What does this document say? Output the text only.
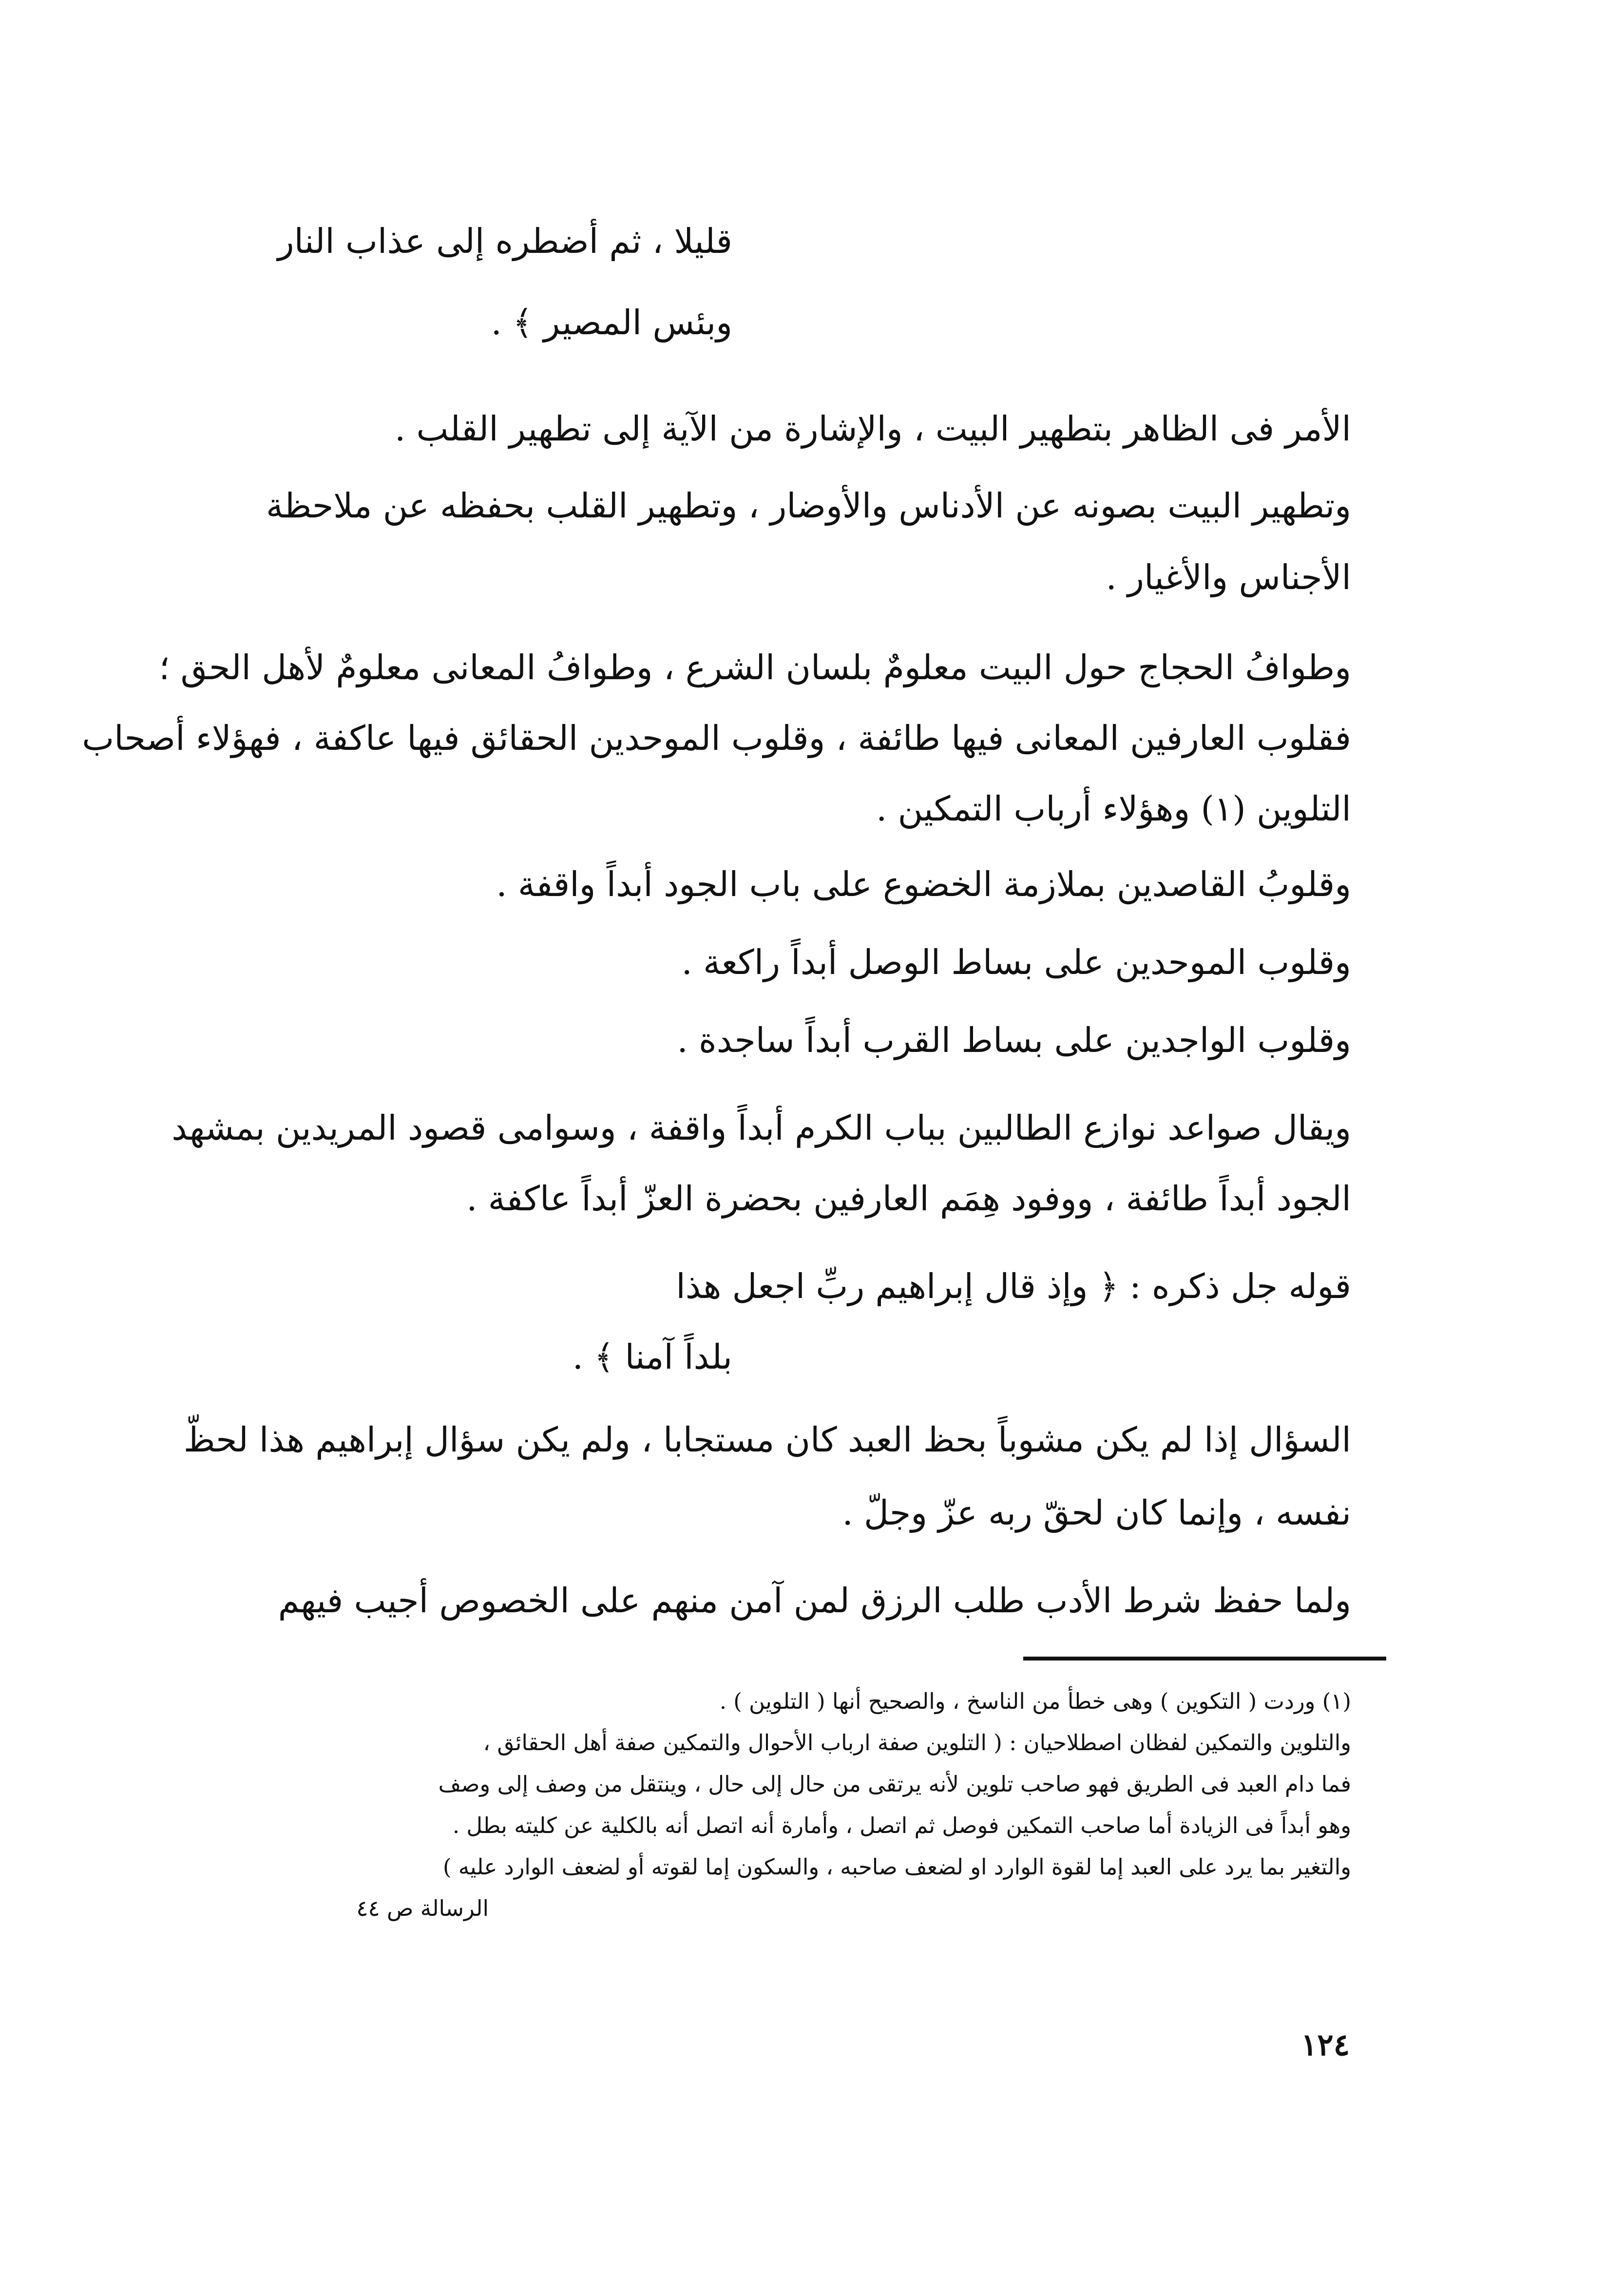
قليلا ، ثم أضطره إلى عذاب النار
وبئس المصير ﴾ .
الأمر فى الظاهر بتطهير البيت ، والإشارة من الآية إلى تطهير القلب .
وتطهير البيت بصونه عن الأدناس والأوضار ، وتطهير القلب بحفظه عن ملاحظة
الأجناس والأغيار .
وطوافُ الحجاج حول البيت معلومٌ بلسان الشرع ، وطوافُ المعانى معلومٌ لأهل الحق ؛
فقلوب العارفين المعانى فيها طائفة ، وقلوب الموحدين الحقائق فيها عاكفة ، فهؤلاء أصحاب
التلوين (١) وهؤلاء أرباب التمكين .
وقلوبُ القاصدين بملازمة الخضوع على باب الجود أبداً واقفة .
وقلوب الموحدين على بساط الوصل أبداً راكعة .
وقلوب الواجدين على بساط القرب أبداً ساجدة .
ويقال صواعد نوازع الطالبين بباب الكرم أبداً واقفة ، وسوامى قصود المريدين بمشهد
الجود أبداً طائفة ، ووفود هِمَم العارفين بحضرة العزّ أبداً عاكفة .
قوله جل ذكره : ﴿ وإذ قال إبراهيم ربِّ اجعل هذا
بلداً آمنا ﴾ .
السؤال إذا لم يكن مشوباً بحظ العبد كان مستجابا ، ولم يكن سؤال إبراهيم هذا لحظّ
نفسه ، وإنما كان لحقّ ربه عزّ وجلّ .
ولما حفظ شرط الأدب طلب الرزق لمن آمن منهم على الخصوص أجيب فيهم
(١) وردت ( التكوين ) وهى خطأ من الناسخ ، والصحيح أنها ( التلوين ) .
والتلوين والتمكين لفظان اصطلاحيان : ( التلوين صفة ارباب الأحوال والتمكين صفة أهل الحقائق ،
فما دام العبد فى الطريق فهو صاحب تلوين لأنه يرتقى من حال إلى حال ، وينتقل من وصف إلى وصف
وهو أبداً فى الزيادة أما صاحب التمكين فوصل ثم اتصل ، وأمارة أنه اتصل أنه بالكلية عن كليته بطل .
والتغير بما يرد على العبد إما لقوة الوارد او لضعف صاحبه ، والسكون إما لقوته أو لضعف الوارد عليه )
الرسالة ص ٤٤
١٢٤
